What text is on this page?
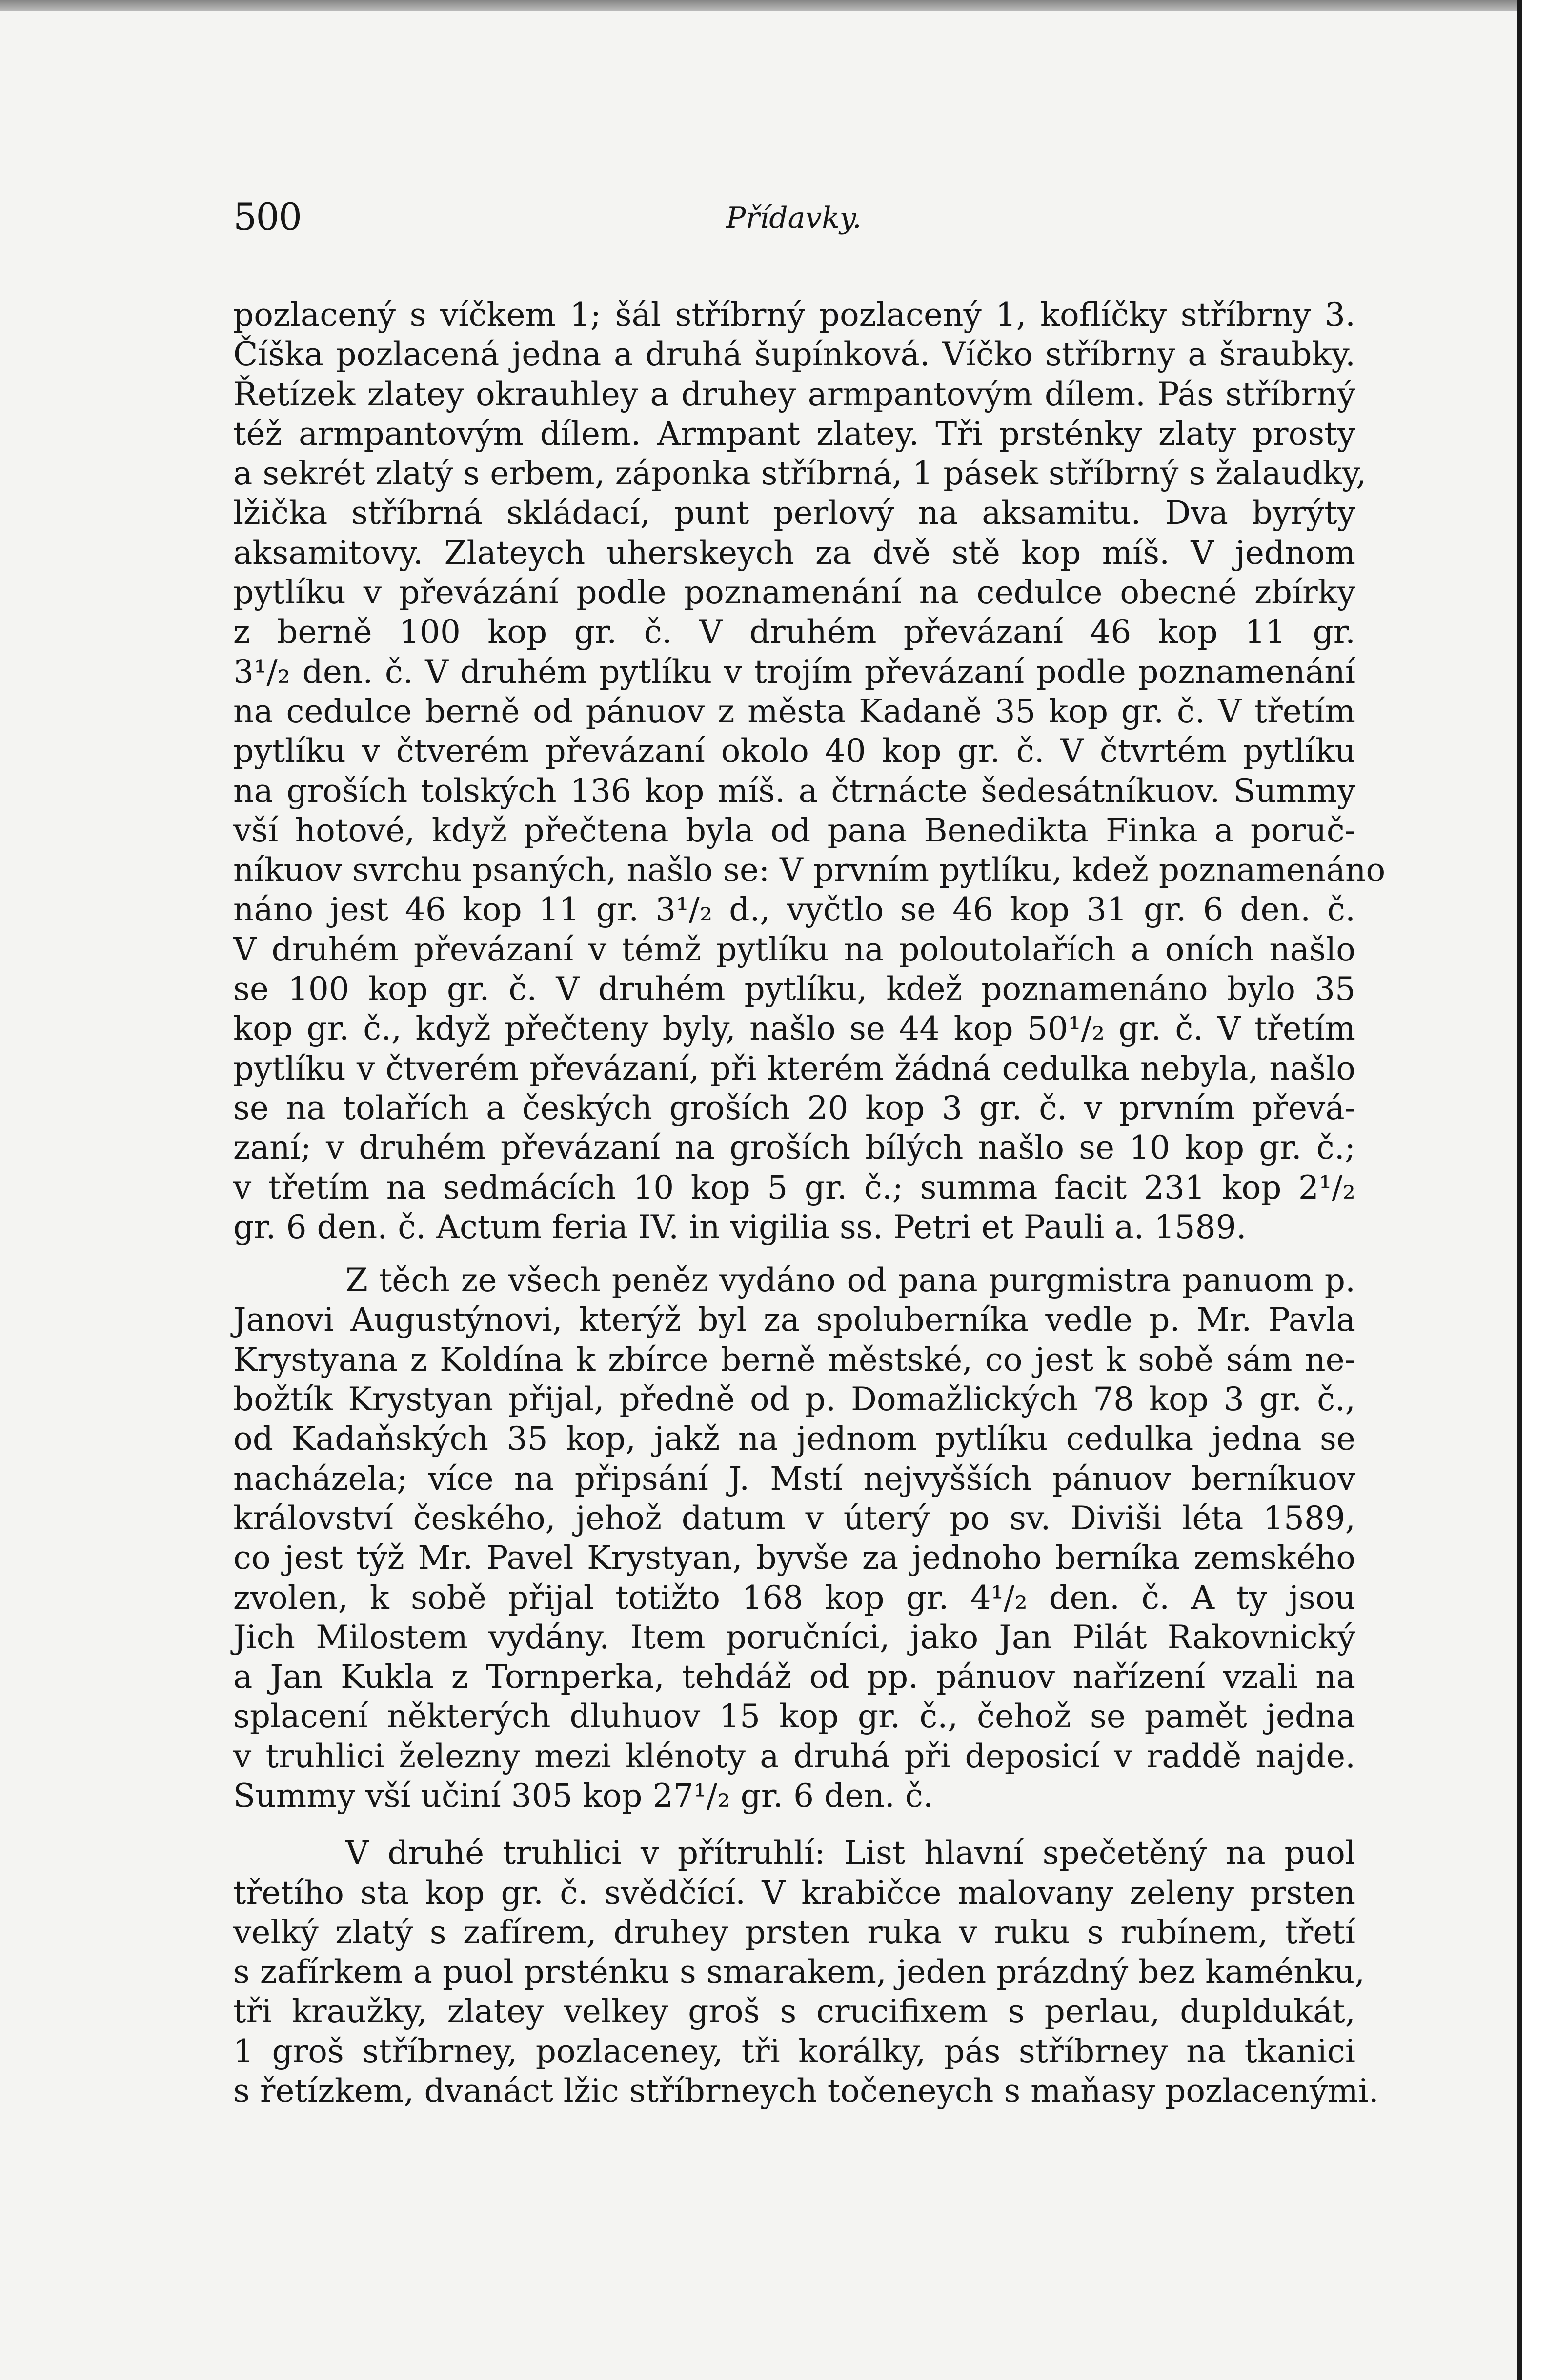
500	Přídavky.
pozlacený s víčkem 1; šál stříbrný pozlacený 1, koflíčky stříbrny 3.
Číška pozlacená jedna a druhá šupínková. Víčko stříbrny a šraubky.
Řetízek zlatey okrauhley a druhey armpantovým dílem. Pás stříbrný
též armpantovým dílem. Armpant zlatey. Tři prsténky zlaty prosty
a sekrét zlatý s erbem, záponka stříbrná, 1 pásek stříbrný s žalaudky,
lžička stříbrná skládací, punt perlový na aksamitu. Dva byrýty
aksamitovy. Zlateych uherskeych za dvě stě kop míš. V jednom
pytlíku v převázání podle poznamenání na cedulce obecné zbírky
z berně 100 kop gr. č. V druhém převázaní 46 kop 11 gr.
3¹/₂ den. č. V druhém pytlíku v trojím převázaní podle poznamenání
na cedulce berně od pánuov z města Kadaně 35 kop gr. č. V třetím
pytlíku v čtverém převázaní okolo 40 kop gr. č. V čtvrtém pytlíku
na groších tolských 136 kop míš. a čtrnácte šedesátníkuov. Summy
vší hotové, když přečtena byla od pana Benedikta Finka a poruč-
níkuov svrchu psaných, našlo se: V prvním pytlíku, kdež poznamenáno
náno jest 46 kop 11 gr. 3¹/₂ d., vyčtlo se 46 kop 31 gr. 6 den. č.
V druhém převázaní v témž pytlíku na poloutolařích a oních našlo
se 100 kop gr. č. V druhém pytlíku, kdež poznamenáno bylo 35
kop gr. č., když přečteny byly, našlo se 44 kop 50¹/₂ gr. č. V třetím
pytlíku v čtverém převázaní, při kterém žádná cedulka nebyla, našlo
se na tolařích a českých groších 20 kop 3 gr. č. v prvním převá-
zaní; v druhém převázaní na groších bílých našlo se 10 kop gr. č.;
v třetím na sedmácích 10 kop 5 gr. č.; summa facit 231 kop 2¹/₂
gr. 6 den. č. Actum feria IV. in vigilia ss. Petri et Pauli a. 1589.
Z těch ze všech peněz vydáno od pana purgmistra panuom p.
Janovi Augustýnovi, kterýž byl za spoluberníka vedle p. Mr. Pavla
Krystyana z Koldína k zbírce berně městské, co jest k sobě sám ne-
božtík Krystyan přijal, předně od p. Domažlických 78 kop 3 gr. č.,
od Kadaňských 35 kop, jakž na jednom pytlíku cedulka jedna se
nacházela; více na připsání J. Mstí nejvyšších pánuov berníkuov
království českého, jehož datum v úterý po sv. Diviši léta 1589,
co jest týž Mr. Pavel Krystyan, byvše za jednoho berníka zemského
zvolen, k sobě přijal totižto 168 kop gr. 4¹/₂ den. č. A ty jsou
Jich Milostem vydány. Item poručníci, jako Jan Pilát Rakovnický
a Jan Kukla z Tornperka, tehdáž od pp. pánuov nařízení vzali na
splacení některých dluhuov 15 kop gr. č., čehož se pamět jedna
v truhlici železny mezi klénoty a druhá při deposicí v raddě najde.
Summy vší učiní 305 kop 27¹/₂ gr. 6 den. č.
V druhé truhlici v přítruhlí: List hlavní spečetěný na puol
třetího sta kop gr. č. svědčící. V krabičce malovany zeleny prsten
velký zlatý s zafírem, druhey prsten ruka v ruku s rubínem, třetí
s zafírkem a puol prsténku s smarakem, jeden prázdný bez kaménku,
tři kraužky, zlatey velkey groš s crucifixem s perlau, dupldukát,
1 groš stříbrney, pozlaceney, tři korálky, pás stříbrney na tkanici
s řetízkem, dvanáct lžic stříbrneych točeneych s maňasy pozlacenými.
